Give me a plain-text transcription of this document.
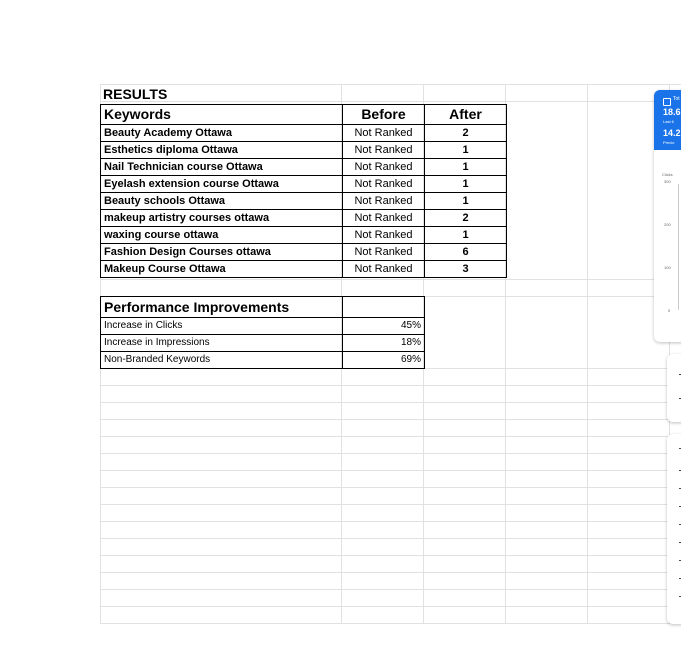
RESULTS
Keywords	Before	After
Beauty Academy Ottawa	Not Ranked	2
Esthetics diploma Ottawa	Not Ranked	1
Nail Technician course Ottawa	Not Ranked	1
Eyelash extension course Ottawa	Not Ranked	1
Beauty schools Ottawa	Not Ranked	1
makeup artistry courses ottawa	Not Ranked	2
waxing course ottawa	Not Ranked	1
Fashion Design Courses ottawa	Not Ranked	6
Makeup Course Ottawa	Not Ranked	3
Performance Improvements	
Increase in Clicks	45%
Increase in Impressions	18%
Non-Branded Keywords	69%
Tot
18.6
Last 6
14.2
Previo
Clicks
300
200
100
0
